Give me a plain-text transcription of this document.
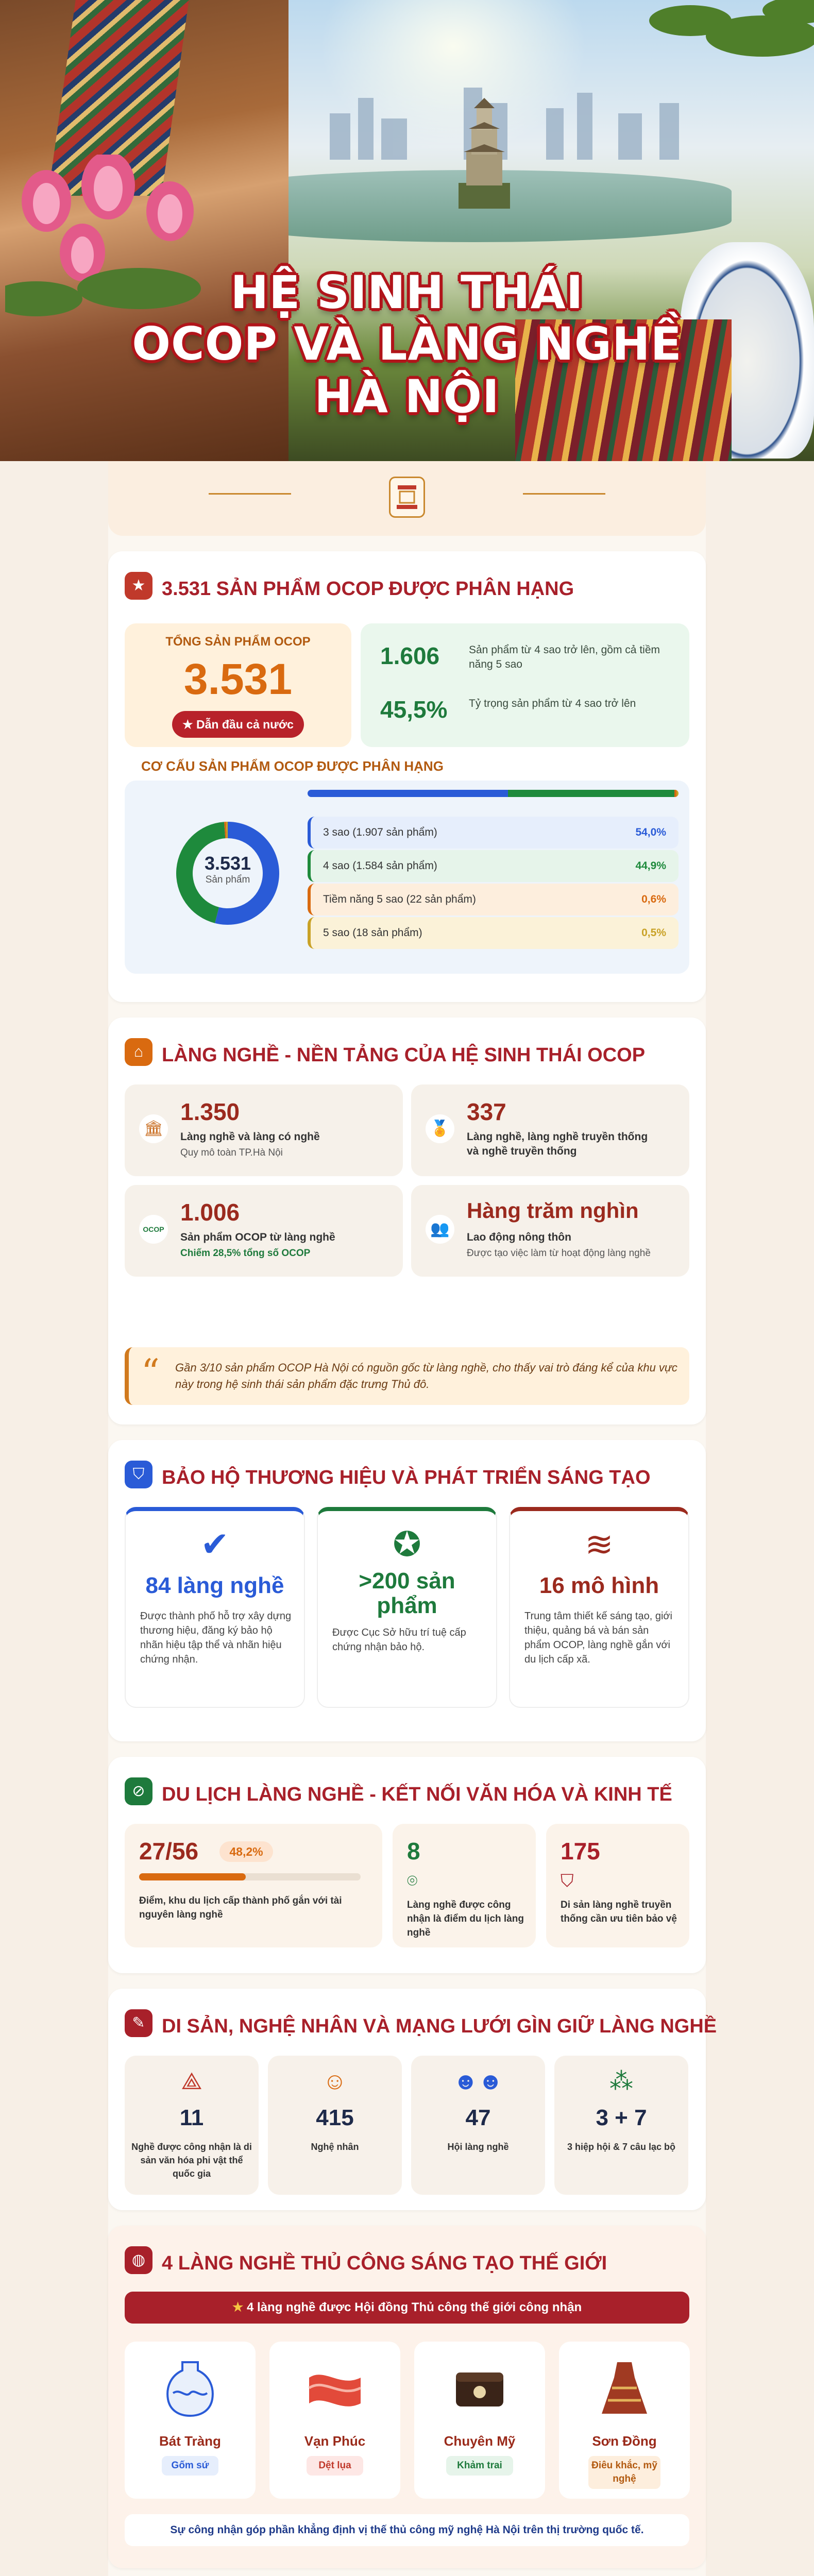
HỆ SINH THÁI
OCOP VÀ LÀNG NGHỀ
HÀ NỘI
★ 3.531 SẢN PHẨM OCOP ĐƯỢC PHÂN HẠNG
TỔNG SẢN PHẨM OCOP
3.531
★ Dẫn đầu cả nước
1.606	Sản phẩm từ 4 sao trở lên, gồm cả tiềm năng 5 sao
45,5% Tỷ trọng sản phẩm từ 4 sao trở lên
CƠ CẤU SẢN PHẨM OCOP ĐƯỢC PHÂN HẠNG
3.531
Sản phẩm
3 sao (1.907 sản phẩm)	54,0%
4 sao (1.584 sản phẩm)	44,9%
Tiềm năng 5 sao (22 sản phẩm)	0,6%
5 sao (18 sản phẩm)	0,5%
⌂ LÀNG NGHỀ - NỀN TẢNG CỦA HỆ SINH THÁI OCOP
🏛
1.350
Làng nghề và làng có nghề
Quy mô toàn TP.Hà Nội
🏅
337
Làng nghề, làng nghề truyền thống và nghề truyền thống
OCOP
1.006
Sản phẩm OCOP từ làng nghề
Chiếm 28,5% tổng số OCOP
👥
Hàng trăm nghìn
Lao động nông thôn
Được tạo việc làm từ hoạt động làng nghề
“ Gần 3/10 sản phẩm OCOP Hà Nội có nguồn gốc từ làng nghề, cho thấy vai trò đáng kể của khu vực này trong hệ sinh thái sản phẩm đặc trưng Thủ đô.
⛉ BẢO HỘ THƯƠNG HIỆU VÀ PHÁT TRIỂN SÁNG TẠO
✔
84 làng nghề
Được thành phố hỗ trợ xây dựng thương hiệu, đăng ký bảo hộ nhãn hiệu tập thể và nhãn hiệu chứng nhận.
✪
>200 sản phẩm
Được Cục Sở hữu trí tuệ cấp chứng nhận bảo hộ.
≋
16 mô hình
Trung tâm thiết kế sáng tạo, giới thiệu, quảng bá và bán sản phẩm OCOP, làng nghề gắn với du lịch cấp xã.
⊘ DU LỊCH LÀNG NGHỀ - KẾT NỐI VĂN HÓA VÀ KINH TẾ
27/56	48,2%
Điểm, khu du lịch cấp thành phố gắn với tài nguyên làng nghề
8
⌾
Làng nghề được công nhận là điểm du lịch làng nghề
175
⛉
Di sản làng nghề truyền thống cần ưu tiên bảo vệ
✎ DI SẢN, NGHỆ NHÂN VÀ MẠNG LƯỚI GÌN GIỮ LÀNG NGHỀ
⟁
11
Nghề được công nhận là di sản văn hóa phi vật thể quốc gia
☺
415
Nghệ nhân
☻☻
47
Hội làng nghề
⁂
3 + 7
3 hiệp hội & 7 câu lạc bộ
◍ 4 LÀNG NGHỀ THỦ CÔNG SÁNG TẠO THẾ GIỚI
★ 4 làng nghề được Hội đồng Thủ công thế giới công nhận
Bát Tràng
Gốm sứ
Vạn Phúc
Dệt lụa
Chuyên Mỹ
Khảm trai
Sơn Đồng
Điêu khắc, mỹ nghệ
Sự công nhận góp phần khẳng định vị thế thủ công mỹ nghệ Hà Nội trên thị trường quốc tế.
